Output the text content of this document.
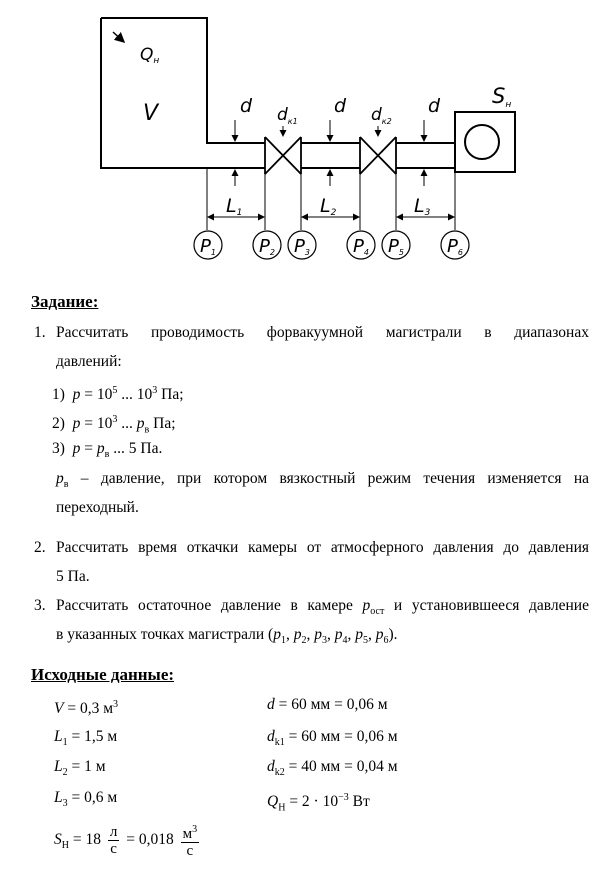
Qн
V	$d_{к1}$	$d_{к2}$
Sн
d	d	d
L1	L2	L3
P1 P2 P3 P4 P5 P6
Задание:
1. Рассчитать проводимость форвакуумной магистрали в диапазонах
давлений:
1) $p = 10^5$ ... $10^3$ Па;
2) $p = 10^3$ ... $p_в$ Па;
3) $p = p_в$ ... 5 Па.
$p_в$ – давление, при котором вязкостный режим течения изменяется на
переходный.
2. Рассчитать время откачки камеры от атмосферного давления до давления
5 Па.
3. Рассчитать остаточное давление в камере $p_{ост}$ и установившееся давление
в указанных точках магистрали ($p_1$, $p_2$, $p_3$, $p_4$, $p_5$, $p_6$).
Исходные данные:
V = 0,3 $м^3$	d = 60 мм = 0,06 м
$L_1 = 1,5$ м	$d_{k1} = 60$ мм = 0,06 м
$L_2 = 1$ м	$d_{k2} = 40$ мм = 0,04 м
$L_3 = 0,6$ м	$Q_H = 2 \cdot 10^{-3}$ Вт
$S_H = 18 \frac{л}{с} = 0,018 \frac{м^3}{с}$
